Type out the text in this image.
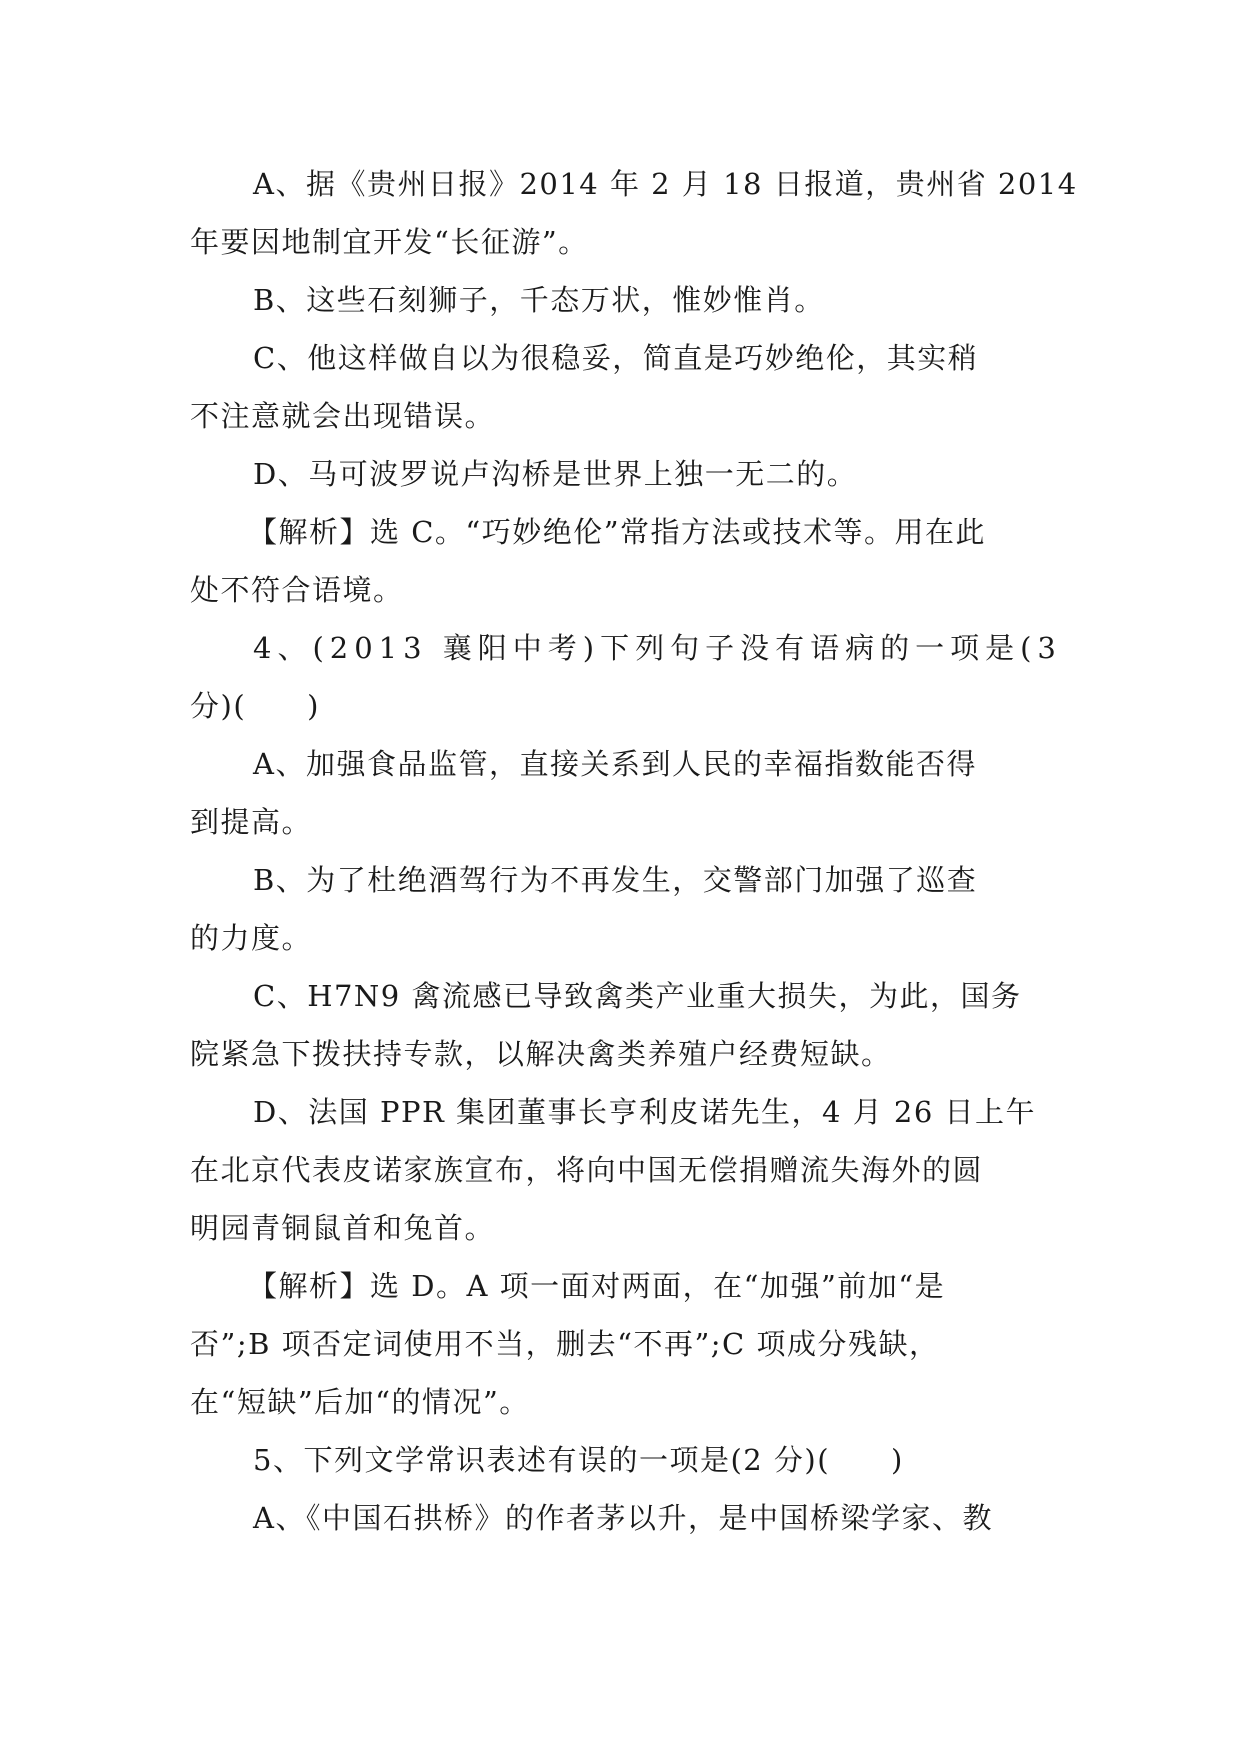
A、据《贵州日报》2014 年 2 月 18 日报道，贵州省 2014
年要因地制宜开发“长征游”。
B、这些石刻狮子，千态万状，惟妙惟肖。
C、他这样做自以为很稳妥，简直是巧妙绝伦，其实稍
不注意就会出现错误。
D、马可波罗说卢沟桥是世界上独一无二的。
【解析】选 C。“巧妙绝伦”常指方法或技术等。用在此
处不符合语境。
4、(2013 襄阳中考)下列句子没有语病的一项是(3
分)(　　)
A、加强食品监管，直接关系到人民的幸福指数能否得
到提高。
B、为了杜绝酒驾行为不再发生，交警部门加强了巡查
的力度。
C、H7N9 禽流感已导致禽类产业重大损失，为此，国务
院紧急下拨扶持专款，以解决禽类养殖户经费短缺。
D、法国 PPR 集团董事长亨利皮诺先生，4 月 26 日上午
在北京代表皮诺家族宣布，将向中国无偿捐赠流失海外的圆
明园青铜鼠首和兔首。
【解析】选 D。A 项一面对两面，在“加强”前加“是
否”;B 项否定词使用不当，删去“不再”;C 项成分残缺，
在“短缺”后加“的情况”。
5、下列文学常识表述有误的一项是(2 分)(　　)
A、《中国石拱桥》的作者茅以升，是中国桥梁学家、教
